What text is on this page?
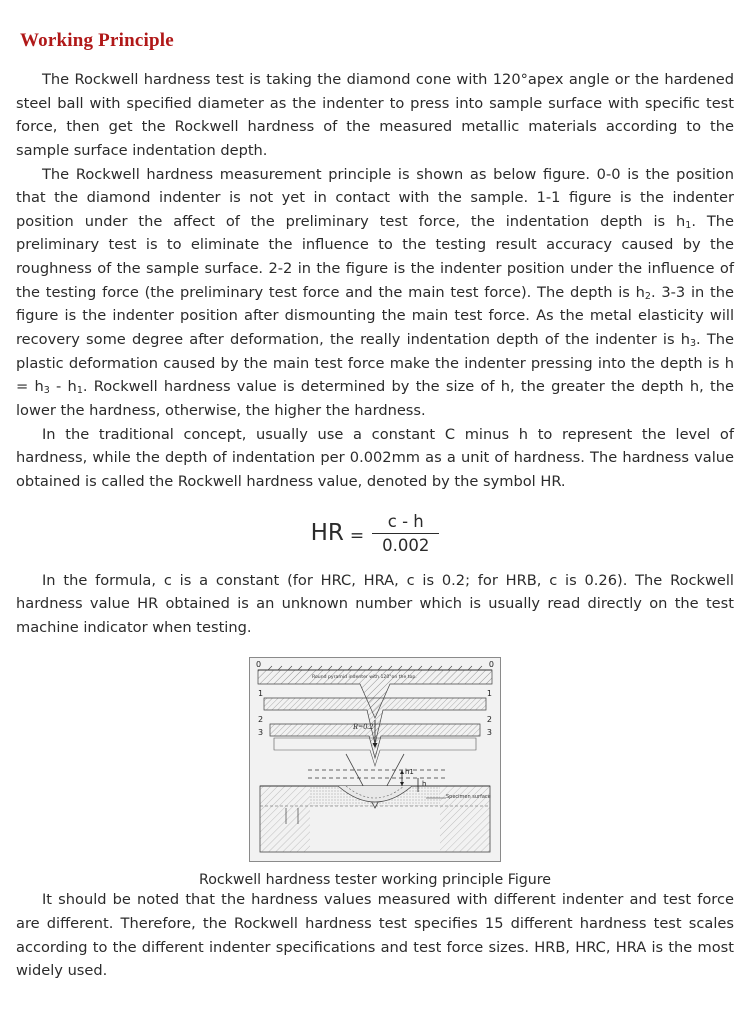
Working Principle

The Rockwell hardness test is taking the diamond cone with 120°apex angle or the hardened steel ball with specified diameter as the indenter to press into sample surface with specific test force, then get the Rockwell hardness of the measured metallic materials according to the sample surface indentation depth.

The Rockwell hardness measurement principle is shown as below figure. 0-0 is the position that the diamond indenter is not yet in contact with the sample. 1-1 figure is the indenter position under the affect of the preliminary test force, the indentation depth is $h_1$. The preliminary test is to eliminate the influence to the testing result accuracy caused by the roughness of the sample surface. 2-2 in the figure is the indenter position under the influence of the testing force (the preliminary test force and the main test force). The depth is $h_2$. 3-3 in the figure is the indenter position after dismounting the main test force. As the metal elasticity will recovery some degree after deformation, the really indentation depth of the indenter is $h_3$. The plastic deformation caused by the main test force make the indenter pressing into the depth is $h = h_3 - h_1$. Rockwell hardness value is determined by the size of h, the greater the depth h, the lower the hardness, otherwise, the higher the hardness.

In the traditional concept, usually use a constant C minus h to represent the level of hardness, while the depth of indentation per 0.002mm as a unit of hardness. The hardness value obtained is called the Rockwell hardness value, denoted by the symbol HR.

HR = $\frac{c - h}{0.002}$

In the formula, c is a constant (for HRC, HRA, c is 0.2; for HRB, c is 0.26). The Rockwell hardness value HR obtained is an unknown number which is usually read directly on the test machine indicator when testing.

0	0
1
2
3
1
2
3
Round pyramid indenter with 120°on the top.
R=0.2
h1
h
Specimen surface
Rockwell hardness tester working principle Figure

It should be noted that the hardness values measured with different indenter and test force are different. Therefore, the Rockwell hardness test specifies 15 different hardness test scales according to the different indenter specifications and test force sizes. HRB, HRC, HRA is the most widely used.
